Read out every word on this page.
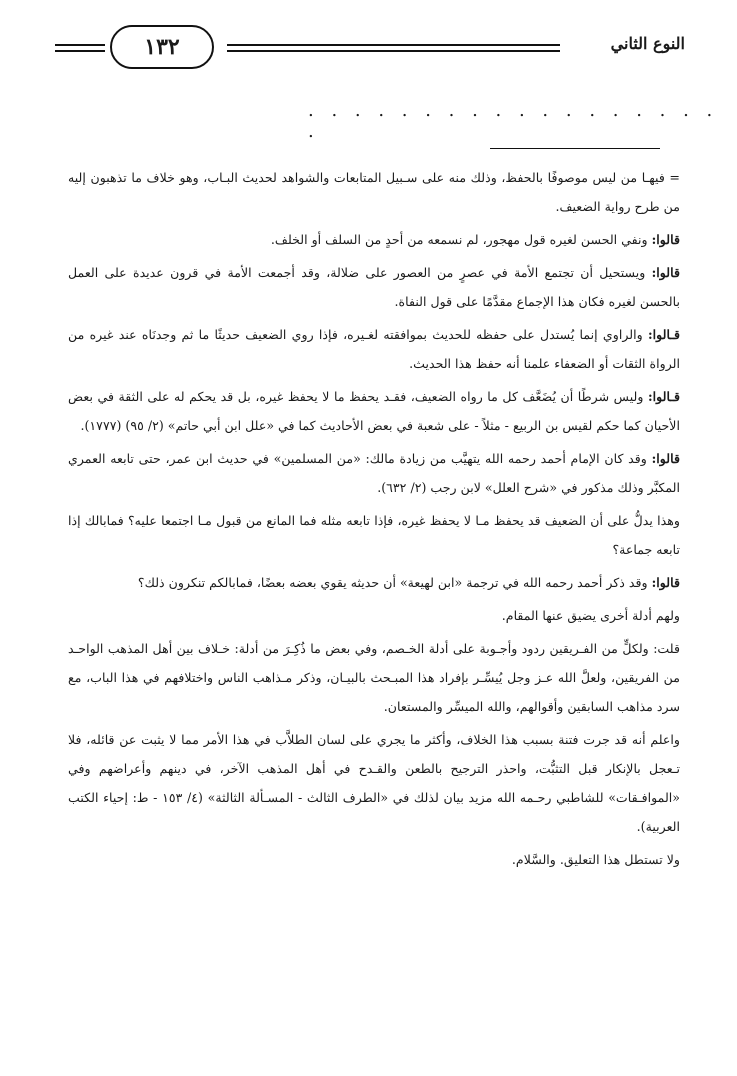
النوع الثاني
١٣٢
. . . . . . . . . . . . . . . . . . .

= فيهـا من ليس موصوفًا بالحفظ، وذلك منه على سـبيل المتابعات والشواهد لحديث البـاب، وهو خلاف ما تذهبون إليه من طرح رواية الضعيف.

قالوا: ونفي الحسن لغيره قول مهجور، لم نسمعه من أحدٍ من السلف أو الخلف.

قالوا: ويستحيل أن تجتمع الأمة في عصرٍ من العصور على ضلالة، وقد أجمعت الأمة في قرون عديدة على العمل بالحسن لغيره فكان هذا الإجماع مقدَّمًا على قول النفاة.

قـالوا: والراوي إنما يُستدل على حفظه للحديث بموافقته لغـيره، فإذا روي الضعيف حديثًا ما ثم وجدنَاه عند غيره من الرواة الثقات أو الضعفاء علمنا أنه حفظ هذا الحديث.

قـالوا: وليس شرطًا أن يُضَعَّف كل ما رواه الضعيف، فقـد يحفظ ما لا يحفظ غيره، بل قد يحكم له على الثقة في بعض الأحيان كما حكم لقيس بن الربيع - مثلاً - على شعبة في بعض الأحاديث كما في «علل ابن أبي حاتم» (٢/ ٩٥) (١٧٧٧).

قالوا: وقد كان الإمام أحمد رحمه الله يتهيَّب من زيادة مالك: «من المسلمين» في حديث ابن عمر، حتى تابعه العمري المكبَّر وذلك مذكور في «شرح العلل» لابن رجب (٢/ ٦٣٢).

وهذا يدلُّ على أن الضعيف قد يحفظ مـا لا يحفظ غيره، فإذا تابعه مثله فما المانع من قبول مـا اجتمعا عليه؟ فمابالك إذا تابعه جماعة؟

قالوا: وقد ذكر أحمد رحمه الله في ترجمة «ابن لهيعة» أن حديثه يقوي بعضه بعضًا، فمابالكم تنكرون ذلك؟

ولهم أدلة أخرى يضيق عنها المقام.

قلت: ولكلٍّ من الفـريقين ردود وأجـوبة على أدلة الخـصم، وفي بعض ما ذُكِـرَ من أدلة: خـلاف بين أهل المذهب الواحـد من الفريقين، ولعلَّ الله عـز وجل يُيسِّـر بإفراد هذا المبـحث بالبيـان، وذكر مـذاهب الناس واختلافهم في هذا الباب، مع سرد مذاهب السابقين وأقوالهم، والله الميسِّر والمستعان.

واعلم أنه قد جرت فتنة بسبب هذا الخلاف، وأكثر ما يجري على لسان الطلاَّب في هذا الأمر مما لا يثبت عن قائله، فلا تـعجل بالإنكار قبل التثبُّت، واحذر الترجيح بالطعن والقـدح في أهل المذهب الآخر، في دينهم وأعراضهم وفي «الموافـقات» للشاطبي رحـمه الله مزيد بيان لذلك في «الطرف الثالث - المسـألة الثالثة» (٤/ ١٥٣ - ط: إحياء الكتب العربية).

ولا تستطل هذا التعليق. والسَّلام.
